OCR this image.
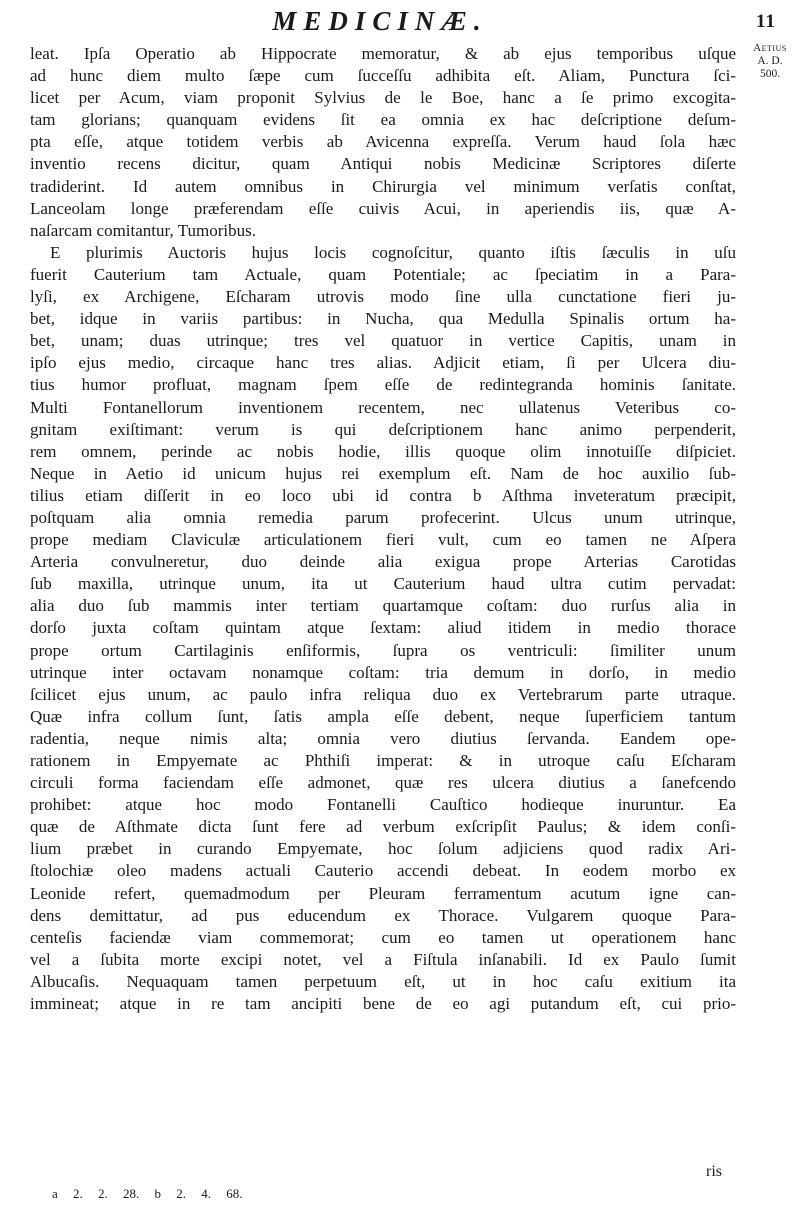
MEDICINÆ.	11
Aetius
A. D.
500.
leat. Ipſa Operatio ab Hippocrate memoratur, & ab ejus temporibus uſque
ad hunc diem multo ſæpe cum ſucceſſu adhibita eſt. Aliam, Punctura ſci-
licet per Acum, viam proponit Sylvius de le Boe, hanc a ſe primo excogita-
tam glorians; quanquam evidens ſit ea omnia ex hac deſcriptione deſum-
pta eſſe, atque totidem verbis ab Avicenna expreſſa. Verum haud ſola hæc
inventio recens dicitur, quam Antiqui nobis Medicinæ Scriptores diſerte
tradiderint. Id autem omnibus in Chirurgia vel minimum verſatis conſtat,
Lanceolam longe præferendam eſſe cuivis Acui, in aperiendis iis, quæ A-
naſarcam comitantur, Tumoribus.
E plurimis Auctoris hujus locis cognoſcitur, quanto iſtis ſæculis in uſu
fuerit Cauterium tam Actuale, quam Potentiale; ac ſpeciatim in a Para-
lyſi, ex Archigene, Eſcharam utrovis modo ſine ulla cunctatione fieri ju-
bet, idque in variis partibus: in Nucha, qua Medulla Spinalis ortum ha-
bet, unam; duas utrinque; tres vel quatuor in vertice Capitis, unam in
ipſo ejus medio, circaque hanc tres alias. Adjicit etiam, ſi per Ulcera diu-
tius humor profluat, magnam ſpem eſſe de redintegranda hominis ſanitate.
Multi Fontanellorum inventionem recentem, nec ullatenus Veteribus co-
gnitam exiſtimant: verum is qui deſcriptionem hanc animo perpenderit,
rem omnem, perinde ac nobis hodie, illis quoque olim innotuiſſe diſpiciet.
Neque in Aetio id unicum hujus rei exemplum eſt. Nam de hoc auxilio ſub-
tilius etiam diſſerit in eo loco ubi id contra b Aſthma inveteratum præcipit,
poſtquam alia omnia remedia parum profecerint. Ulcus unum utrinque,
prope mediam Claviculæ articulationem fieri vult, cum eo tamen ne Aſpera
Arteria convulneretur, duo deinde alia exigua prope Arterias Carotidas
ſub maxilla, utrinque unum, ita ut Cauterium haud ultra cutim pervadat:
alia duo ſub mammis inter tertiam quartamque coſtam: duo rurſus alia in
dorſo juxta coſtam quintam atque ſextam: aliud itidem in medio thorace
prope ortum Cartilaginis enſiformis, ſupra os ventriculi: ſimiliter unum
utrinque inter octavam nonamque coſtam: tria demum in dorſo, in medio
ſcilicet ejus unum, ac paulo infra reliqua duo ex Vertebrarum parte utraque.
Quæ infra collum ſunt, ſatis ampla eſſe debent, neque ſuperficiem tantum
radentia, neque nimis alta; omnia vero diutius ſervanda. Eandem ope-
rationem in Empyemate ac Phthiſi imperat: & in utroque caſu Eſcharam
circuli forma faciendam eſſe admonet, quæ res ulcera diutius a ſanefcendo
prohibet: atque hoc modo Fontanelli Cauſtico hodieque inuruntur. Ea
quæ de Aſthmate dicta ſunt fere ad verbum exſcripſit Paulus; & idem conſi-
lium præbet in curando Empyemate, hoc ſolum adjiciens quod radix Ari-
ſtolochiæ oleo madens actuali Cauterio accendi debeat. In eodem morbo ex
Leonide refert, quemadmodum per Pleuram ferramentum acutum igne can-
dens demittatur, ad pus educendum ex Thorace. Vulgarem quoque Para-
centeſis faciendæ viam commemorat; cum eo tamen ut operationem hanc
vel a ſubita morte excipi notet, vel a Fiſtula inſanabili. Id ex Paulo ſumit
Albucaſis. Nequaquam tamen perpetuum eſt, ut in hoc caſu exitium ita
immineat; atque in re tam ancipiti bene de eo agi putandum eſt, cui prio-
ris
a 2. 2. 28. b 2. 4. 68.
